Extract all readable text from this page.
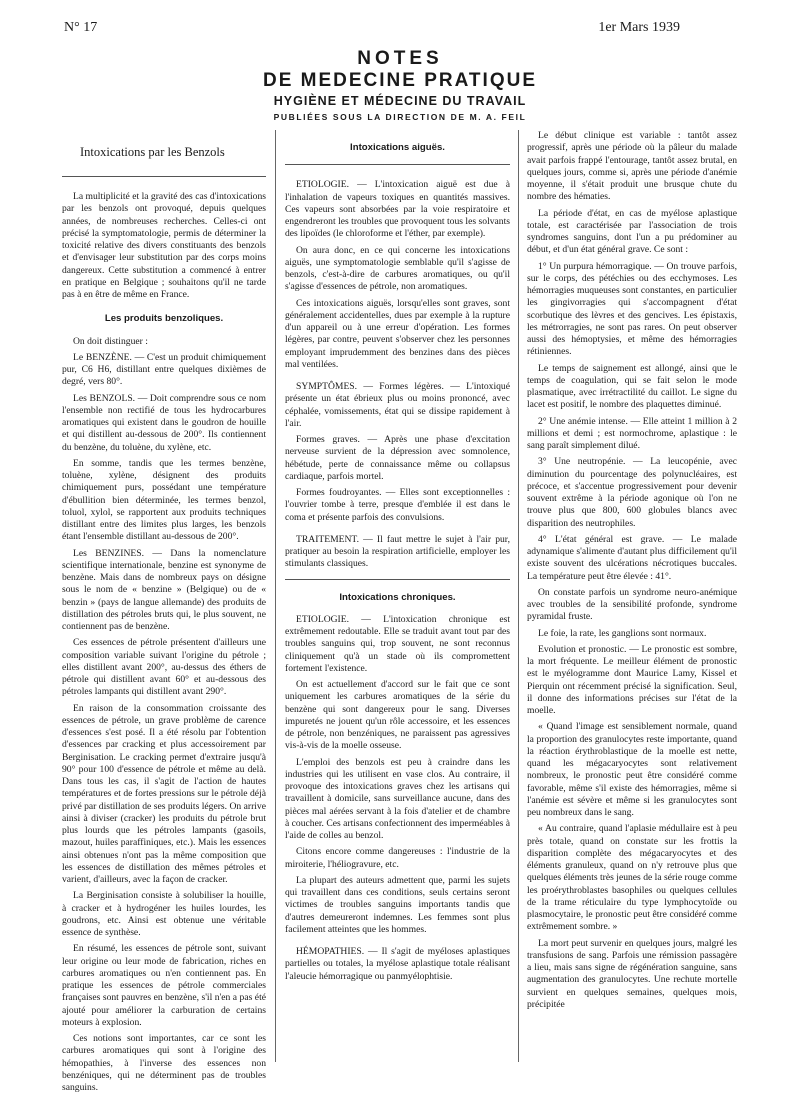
N° 17	1er Mars 1939
NOTES
DE MEDECINE PRATIQUE
HYGIÈNE ET MÉDECINE DU TRAVAIL
PUBLIÉES SOUS LA DIRECTION DE M. A. FEIL
Intoxications par les Benzols

La multiplicité et la gravité des cas d'intoxications par les benzols ont provoqué, depuis quelques années, de nombreuses recherches. Celles-ci ont précisé la symptomatologie, permis de déterminer la toxicité relative des divers constituants des benzols et d'envisager leur substitution par des corps moins dangereux. Cette substitution a commencé à entrer en pratique en Belgique ; souhaitons qu'il ne tarde pas à en être de même en France.

Les produits benzoliques.

On doit distinguer :

Le BENZÈNE. — C'est un produit chimiquement pur, C6 H6, distillant entre quelques dixièmes de degré, vers 80°.

Les BENZOLS. — Doit comprendre sous ce nom l'ensemble non rectifié de tous les hydrocarbures aromatiques qui existent dans le goudron de houille et qui distillent au-dessous de 200°. Ils contiennent du benzène, du toluène, du xylène, etc.

En somme, tandis que les termes benzène, toluène, xylène, désignent des produits chimiquement purs, possédant une température d'ébullition bien déterminée, les termes benzol, toluol, xylol, se rapportent aux produits techniques distillant entre des limites plus larges, les benzols étant l'ensemble distillant au-dessous de 200°.

Les BENZINES. — Dans la nomenclature scientifique internationale, benzine est synonyme de benzène. Mais dans de nombreux pays on désigne sous le nom de « benzine » (Belgique) ou de « benzin » (pays de langue allemande) des produits de distillation des pétroles bruts qui, le plus souvent, ne contiennent pas de benzène.

Ces essences de pétrole présentent d'ailleurs une composition variable suivant l'origine du pétrole ; elles distillent avant 200°, au-dessus des éthers de pétrole qui distillent avant 60° et au-dessous des pétroles lampants qui distillent avant 290°.

En raison de la consommation croissante des essences de pétrole, un grave problème de carence d'essences s'est posé. Il a été résolu par l'obtention d'essences par cracking et plus accessoirement par Berginisation. Le cracking permet d'extraire jusqu'à 90° pour 100 d'essence de pétrole et même au delà. Dans tous les cas, il s'agit de l'action de hautes températures et de fortes pressions sur le pétrole déjà privé par distillation de ses produits légers. On arrive ainsi à diviser (cracker) les produits du pétrole brut plus lourds que les pétroles lampants (gasoils, mazout, huiles paraffiniques, etc.). Mais les essences ainsi obtenues n'ont pas la même composition que les essences de distillation des mêmes pétroles et varient, d'ailleurs, avec la façon de cracker.

La Berginisation consiste à solubiliser la houille, à cracker et à hydrogéner les huiles lourdes, les goudrons, etc. Ainsi est obtenue une véritable essence de synthèse.

En résumé, les essences de pétrole sont, suivant leur origine ou leur mode de fabrication, riches en carbures aromatiques ou n'en contiennent pas. En pratique les essences de pétrole commerciales françaises sont pauvres en benzène, s'il n'en a pas été ajouté pour améliorer la carburation de certains moteurs à explosion.

Ces notions sont importantes, car ce sont les carbures aromatiques qui sont à l'origine des hémopathies, à l'inverse des essences non benzéniques, qui ne déterminent pas de troubles sanguins.

Intoxications aiguës.

ETIOLOGIE. — L'intoxication aiguë est due à l'inhalation de vapeurs toxiques en quantités massives. Ces vapeurs sont absorbées par la voie respiratoire et engendreront les troubles que provoquent tous les solvants des lipoïdes (le chloroforme et l'éther, par exemple).

On aura donc, en ce qui concerne les intoxications aiguës, une symptomatologie semblable qu'il s'agisse de benzols, c'est-à-dire de carbures aromatiques, ou qu'il s'agisse d'essences de pétrole, non aromatiques.

Ces intoxications aiguës, lorsqu'elles sont graves, sont généralement accidentelles, dues par exemple à la rupture d'un appareil ou à une erreur d'opération. Les formes légères, par contre, peuvent s'observer chez les personnes employant imprudemment des benzines dans des pièces mal ventilées.

SYMPTÔMES. — Formes légères. — L'intoxiqué présente un état ébrieux plus ou moins prononcé, avec céphalée, vomissements, état qui se dissipe rapidement à l'air.

Formes graves. — Après une phase d'excitation nerveuse survient de la dépression avec somnolence, hébétude, perte de connaissance même ou collapsus cardiaque, parfois mortel.

Formes foudroyantes. — Elles sont exceptionnelles : l'ouvrier tombe à terre, presque d'emblée il est dans le coma et présente parfois des convulsions.

TRAITEMENT. — Il faut mettre le sujet à l'air pur, pratiquer au besoin la respiration artificielle, employer les stimulants classiques.

Intoxications chroniques.

ETIOLOGIE. — L'intoxication chronique est extrêmement redoutable. Elle se traduit avant tout par des troubles sanguins qui, trop souvent, ne sont reconnus cliniquement qu'à un stade où ils compromettent fortement l'existence.

On est actuellement d'accord sur le fait que ce sont uniquement les carbures aromatiques de la série du benzène qui sont dangereux pour le sang. Diverses impuretés ne jouent qu'un rôle accessoire, et les essences de pétrole, non benzéniques, ne paraissent pas agressives vis-à-vis de la moelle osseuse.

L'emploi des benzols est peu à craindre dans les industries qui les utilisent en vase clos. Au contraire, il provoque des intoxications graves chez les artisans qui travaillent à domicile, sans surveillance aucune, dans des pièces mal aérées servant à la fois d'atelier et de chambre à coucher. Ces artisans confectionnent des imperméables à l'aide de colles au benzol.

Citons encore comme dangereuses : l'industrie de la miroiterie, l'héliogravure, etc.

La plupart des auteurs admettent que, parmi les sujets qui travaillent dans ces conditions, seuls certains seront victimes de troubles sanguins importants tandis que d'autres demeureront indemnes. Les femmes sont plus facilement atteintes que les hommes.

HÉMOPATHIES. — Il s'agit de myéloses aplastiques partielles ou totales, la myélose aplastique totale réalisant l'aleucie hémorragique ou panmyélophtisie.

Le début clinique est variable : tantôt assez progressif, après une période où la pâleur du malade avait parfois frappé l'entourage, tantôt assez brutal, en quelques jours, comme si, après une période d'anémie moyenne, il s'était produit une brusque chute du nombre des hématies.

La période d'état, en cas de myélose aplastique totale, est caractérisée par l'association de trois syndromes sanguins, dont l'un a pu prédominer au début, et d'un état général grave. Ce sont :

1° Un purpura hémorragique. — On trouve parfois, sur le corps, des pétéchies ou des ecchymoses. Les hémorragies muqueuses sont constantes, en particulier les gingivorragies qui s'accompagnent d'état scorbutique des lèvres et des gencives. Les épistaxis, les métrorragies, ne sont pas rares. On peut observer aussi des hémoptysies, et même des hémorragies rétiniennes.

Le temps de saignement est allongé, ainsi que le temps de coagulation, qui se fait selon le mode plasmatique, avec irrétractilité du caillot. Le signe du lacet est positif, le nombre des plaquettes diminué.

2° Une anémie intense. — Elle atteint 1 million à 2 millions et demi ; est normochrome, aplastique : le sang paraît simplement dilué.

3° Une neutropénie. — La leucopénie, avec diminution du pourcentage des polynucléaires, est précoce, et s'accentue progressivement pour devenir souvent extrême à la période agonique où l'on ne trouve plus que 800, 600 globules blancs avec disparition des neutrophiles.

4° L'état général est grave. — Le malade adynamique s'alimente d'autant plus difficilement qu'il existe souvent des ulcérations nécrotiques buccales. La température peut être élevée : 41°.

On constate parfois un syndrome neuro-anémique avec troubles de la sensibilité profonde, syndrome pyramidal fruste.

Le foie, la rate, les ganglions sont normaux.

Evolution et pronostic. — Le pronostic est sombre, la mort fréquente. Le meilleur élément de pronostic est le myélogramme dont Maurice Lamy, Kissel et Pierquin ont récemment précisé la signification. Seul, il donne des informations précises sur l'état de la moelle.

« Quand l'image est sensiblement normale, quand la proportion des granulocytes reste importante, quand la réaction érythroblastique de la moelle est nette, quand les mégacaryocytes sont relativement nombreux, le pronostic peut être considéré comme favorable, même s'il existe des hémorragies, même si l'anémie est sévère et même si les granulocytes sont peu nombreux dans le sang.

« Au contraire, quand l'aplasie médullaire est à peu près totale, quand on constate sur les frottis la disparition complète des mégacaryocytes et des éléments granuleux, quand on n'y retrouve plus que quelques éléments très jeunes de la série rouge comme les proérythroblastes basophiles ou quelques cellules de la trame réticulaire du type lymphocytoïde ou plasmocytaire, le pronostic peut être considéré comme extrêmement sombre. »

La mort peut survenir en quelques jours, malgré les transfusions de sang. Parfois une rémission passagère a lieu, mais sans signe de régénération sanguine, sans augmentation des granulocytes. Une rechute mortelle survient en quelques semaines, quelques mois, précipitée
